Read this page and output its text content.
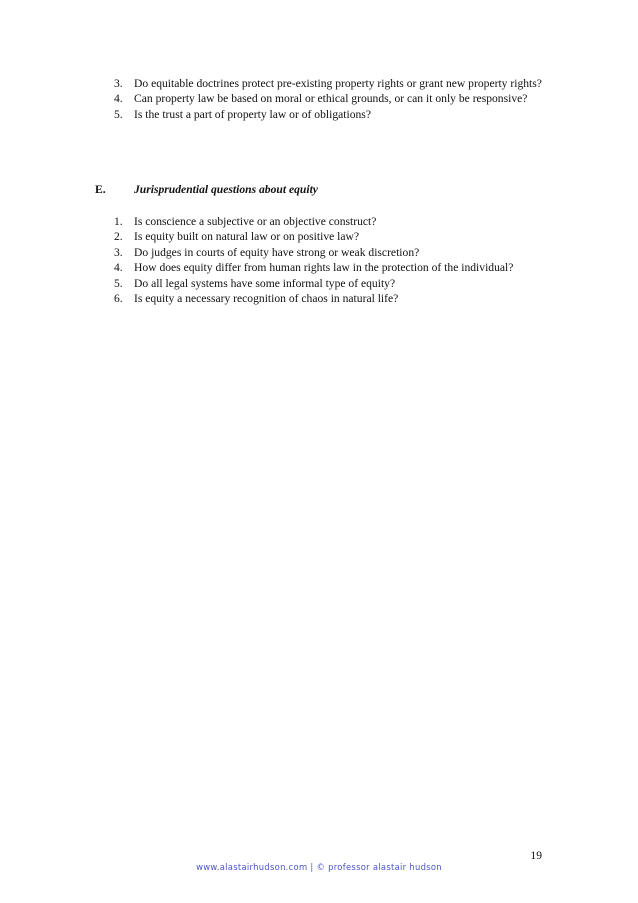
3. Do equitable doctrines protect pre-existing property rights or grant new property rights?
4. Can property law be based on moral or ethical grounds, or can it only be responsive?
5. Is the trust a part of property law or of obligations?
E. Jurisprudential questions about equity
1. Is conscience a subjective or an objective construct?
2. Is equity built on natural law or on positive law?
3. Do judges in courts of equity have strong or weak discretion?
4. How does equity differ from human rights law in the protection of the individual?
5. Do all legal systems have some informal type of equity?
6. Is equity a necessary recognition of chaos in natural life?
19
www.alastairhudson.com | © professor alastair hudson
